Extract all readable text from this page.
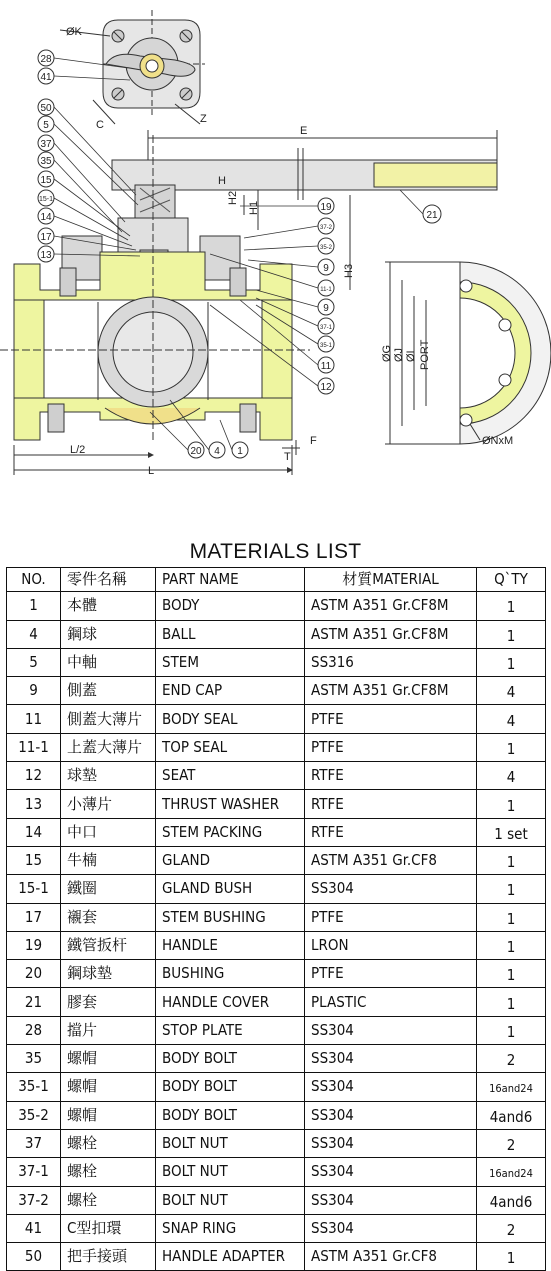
28
41
50
5
37
35
15
15-1
14
17
13
19
37-2
35-2
9
11-1
9
37-1
35-1
11
12
20 4 1
21
ØK
C	Z
E
H
H1
H2
H3
ØG ØJ ØI PORT
ØNxM
F
T
L/2
L
MATERIALS LIST
NO.	零件名稱	PART NAME	材質MATERIAL	Q`TY
1	本體	BODY	ASTM A351 Gr.CF8M	1
4	鋼球	BALL	ASTM A351 Gr.CF8M	1
5	中軸	STEM	SS316	1
9	側蓋	END CAP	ASTM A351 Gr.CF8M	4
11	側蓋大薄片	BODY SEAL	PTFE	4
11-1	上蓋大薄片	TOP SEAL	PTFE	1
12	球墊	SEAT	RTFE	4
13	小薄片	THRUST WASHER	RTFE	1
14	中口	STEM PACKING	RTFE	1 set
15	牛楠	GLAND	ASTM A351 Gr.CF8	1
15-1	鐵圈	GLAND BUSH	SS304	1
17	襯套	STEM BUSHING	PTFE	1
19	鐵管扳杆	HANDLE	LRON	1
20	鋼球墊	BUSHING	PTFE	1
21	膠套	HANDLE COVER	PLASTIC	1
28	擋片	STOP PLATE	SS304	1
35	螺帽	BODY BOLT	SS304	2
35-1	螺帽	BODY BOLT	SS304	16and24
35-2	螺帽	BODY BOLT	SS304	4and6
37	螺栓	BOLT NUT	SS304	2
37-1	螺栓	BOLT NUT	SS304	16and24
37-2	螺栓	BOLT NUT	SS304	4and6
41	C型扣環	SNAP RING	SS304	2
50	把手接頭	HANDLE ADAPTER	ASTM A351 Gr.CF8	1
